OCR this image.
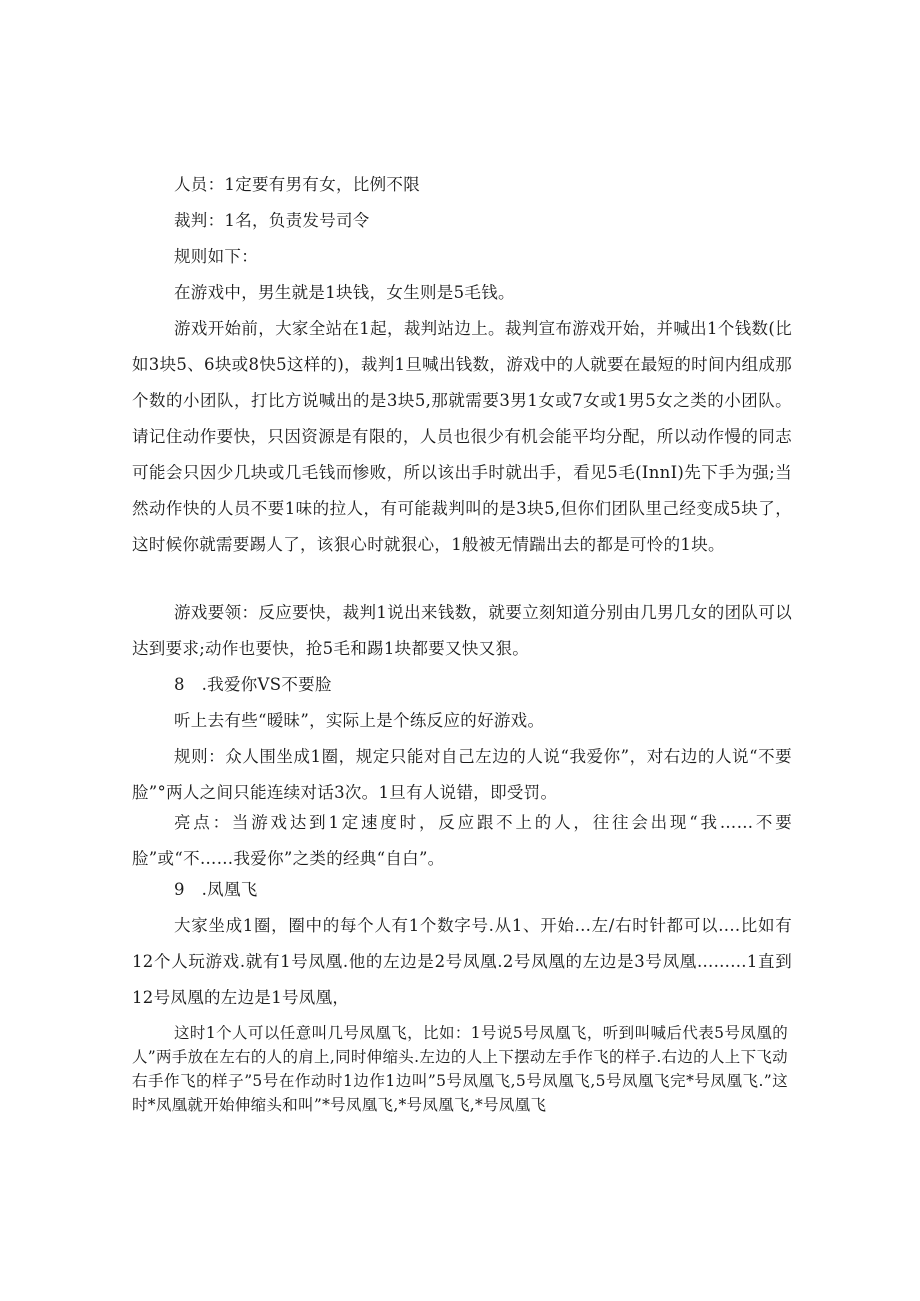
人员：1定要有男有女，比例不限

裁判：1名，负责发号司令

规则如下：

在游戏中，男生就是1块钱，女生则是5毛钱。

游戏开始前，大家全站在1起，裁判站边上。裁判宣布游戏开始，并喊出1个钱数(比如3块5、6块或8快5这样的)，裁判1旦喊出钱数，游戏中的人就要在最短的时间内组成那个数的小团队，打比方说喊出的是3块5,那就需要3男1女或7女或1男5女之类的小团队。请记住动作要快，只因资源是有限的，人员也很少有机会能平均分配，所以动作慢的同志可能会只因少几块或几毛钱而惨败，所以该出手时就出手，看见5毛(InnI)先下手为强;当然动作快的人员不要1味的拉人，有可能裁判叫的是3块5,但你们团队里己经变成5块了，这时候你就需要踢人了，该狠心时就狠心，1般被无情踹出去的都是可怜的1块。

游戏要领：反应要快，裁判1说出来钱数，就要立刻知道分别由几男几女的团队可以达到要求;动作也要快，抢5毛和踢1块都要又快又狠。

8　.我爱你VS不要脸

听上去有些“暧昧”，实际上是个练反应的好游戏。

规则：众人围坐成1圈，规定只能对自己左边的人说“我爱你”，对右边的人说“不要脸”°两人之间只能连续对话3次。1旦有人说错，即受罚。

亮点：当游戏达到1定速度时，反应跟不上的人，往往会出现“我……不要脸”或“不……我爱你”之类的经典“自白”。

9　.凤凰飞

大家坐成1圈，圈中的每个人有1个数字号.从1、开始...左/右时针都可以....比如有12个人玩游戏.就有1号凤凰.他的左边是2号凤凰.2号凤凰的左边是3号凤凰.........1直到12号凤凰的左边是1号凤凰，

这时1个人可以任意叫几号凤凰飞，比如：1号说5号凤凰飞，听到叫喊后代表5号凤凰的人”两手放在左右的人的肩上,同时伸缩头.左边的人上下摆动左手作飞的样子.右边的人上下飞动右手作飞的样子”5号在作动时1边作1边叫”5号凤凰飞,5号凤凰飞,5号凤凰飞完*号凤凰飞.”这时*凤凰就开始伸缩头和叫”*号凤凰飞,*号凤凰飞,*号凤凰飞
